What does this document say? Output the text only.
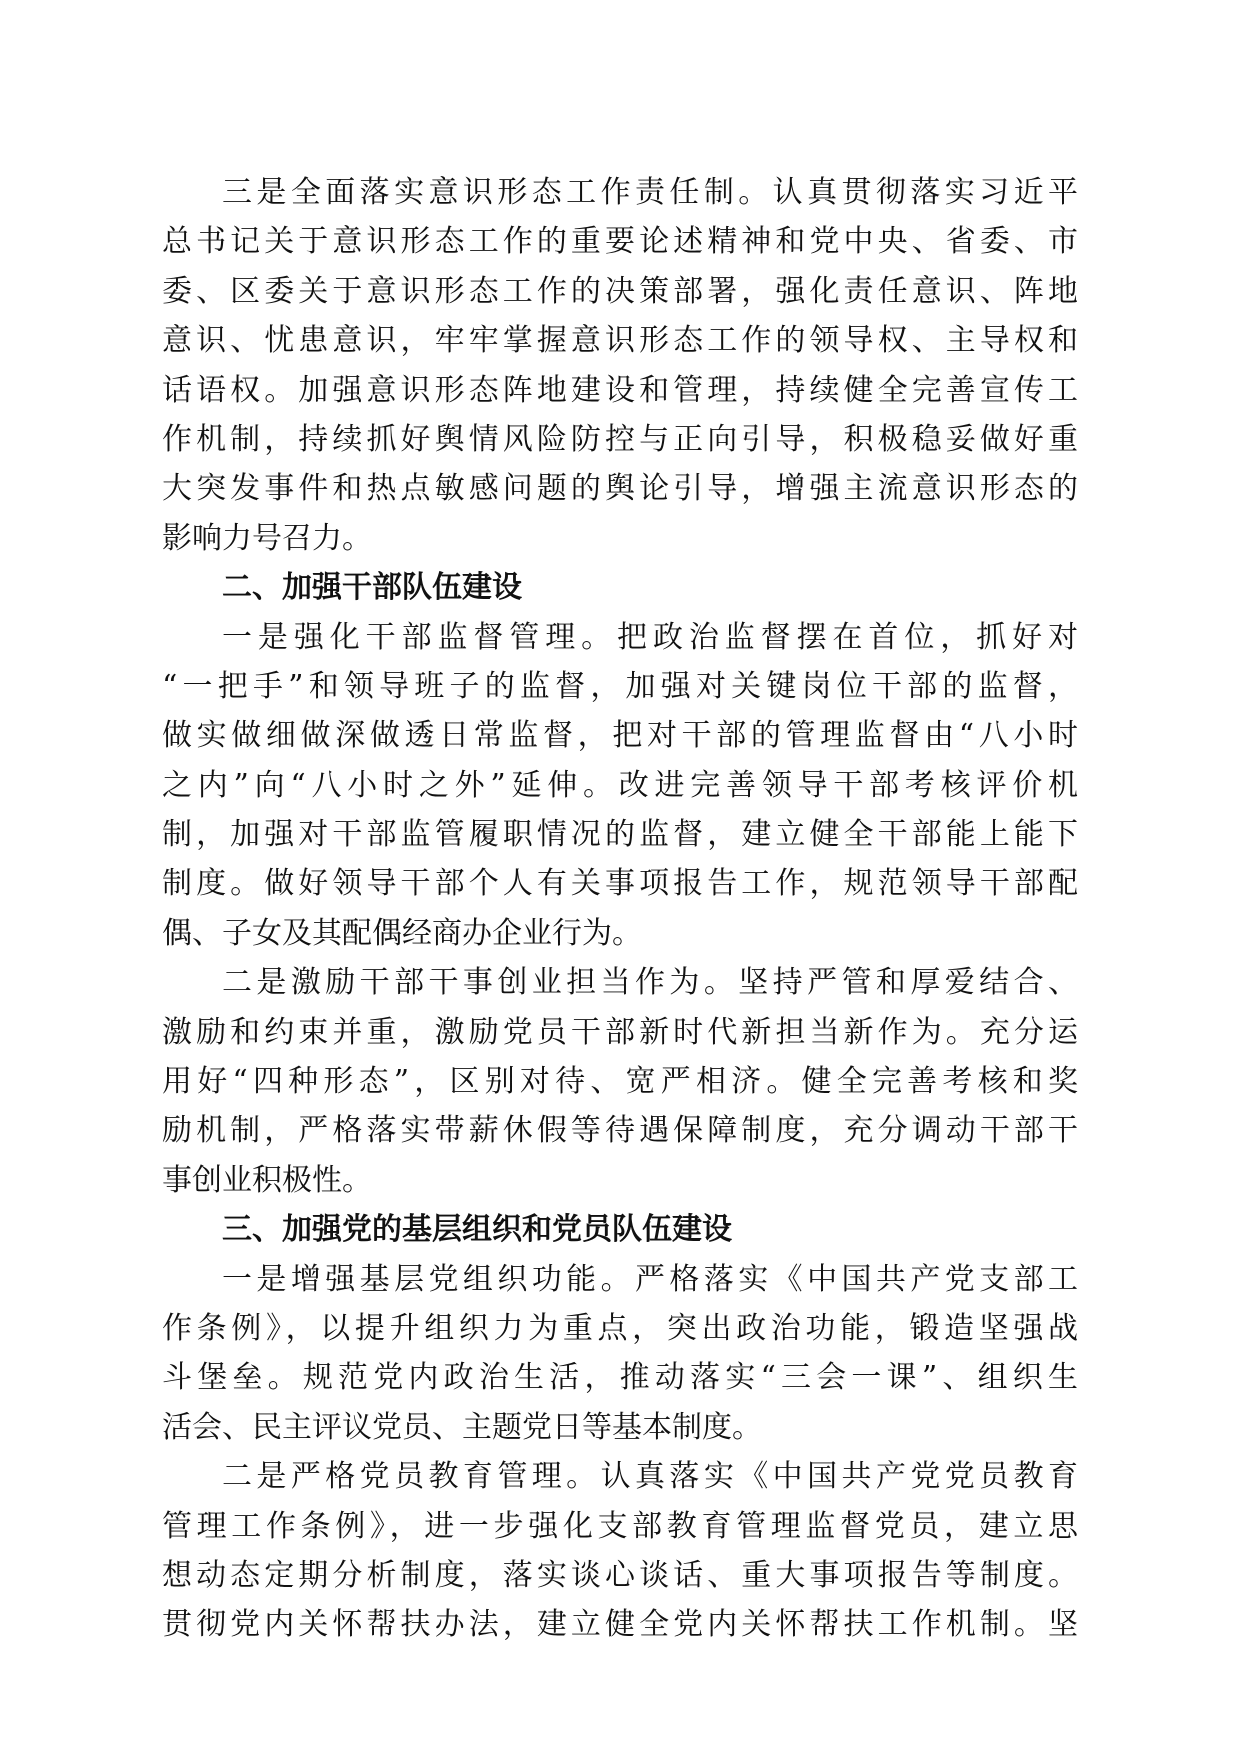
三是全面落实意识形态工作责任制。认真贯彻落实习近平
总书记关于意识形态工作的重要论述精神和党中央、省委、市
委、区委关于意识形态工作的决策部署，强化责任意识、阵地
意识、忧患意识，牢牢掌握意识形态工作的领导权、主导权和
话语权。加强意识形态阵地建设和管理，持续健全完善宣传工
作机制，持续抓好舆情风险防控与正向引导，积极稳妥做好重
大突发事件和热点敏感问题的舆论引导，增强主流意识形态的
影响力号召力。
二、加强干部队伍建设
一是强化干部监督管理。把政治监督摆在首位，抓好对
“一把手”和领导班子的监督，加强对关键岗位干部的监督，
做实做细做深做透日常监督，把对干部的管理监督由“八小时
之内”向“八小时之外”延伸。改进完善领导干部考核评价机
制，加强对干部监管履职情况的监督，建立健全干部能上能下
制度。做好领导干部个人有关事项报告工作，规范领导干部配
偶、子女及其配偶经商办企业行为。
二是激励干部干事创业担当作为。坚持严管和厚爱结合、
激励和约束并重，激励党员干部新时代新担当新作为。充分运
用好“四种形态”，区别对待、宽严相济。健全完善考核和奖
励机制，严格落实带薪休假等待遇保障制度，充分调动干部干
事创业积极性。
三、加强党的基层组织和党员队伍建设
一是增强基层党组织功能。严格落实《中国共产党支部工
作条例》，以提升组织力为重点，突出政治功能，锻造坚强战
斗堡垒。规范党内政治生活，推动落实“三会一课”、组织生
活会、民主评议党员、主题党日等基本制度。
二是严格党员教育管理。认真落实《中国共产党党员教育
管理工作条例》，进一步强化支部教育管理监督党员，建立思
想动态定期分析制度，落实谈心谈话、重大事项报告等制度。
贯彻党内关怀帮扶办法，建立健全党内关怀帮扶工作机制。坚
